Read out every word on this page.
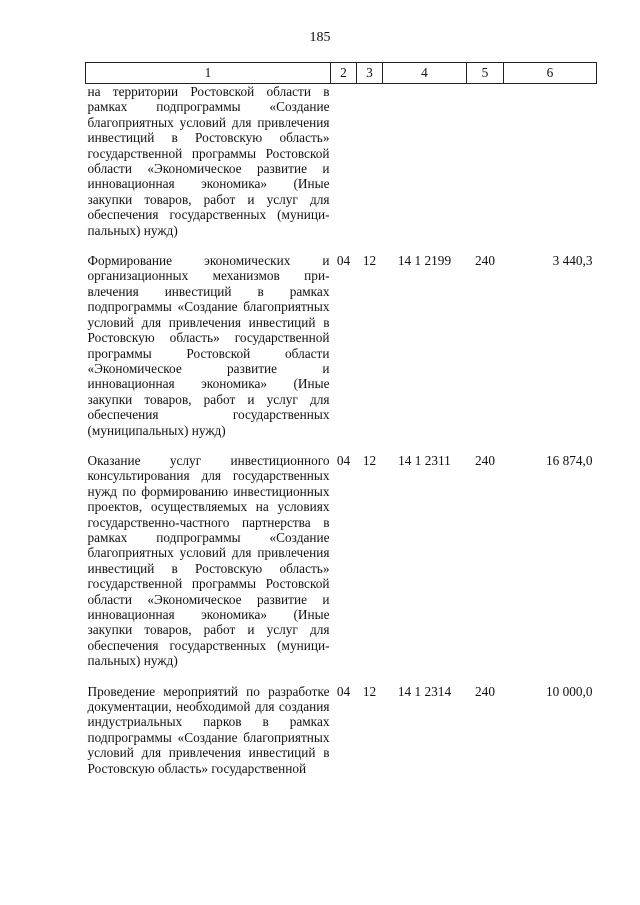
185
1	2	3	4	5	6
на территории Ростовской области в рамках подпрограммы «Создание благоприятных условий для привлечения инвестиций в Ростовскую область» государственной программы Ростовской области «Экономическое развитие и инновационная экономика» (Иные закупки товаров, работ и услуг для обеспечения государственных (муниципальных) нужд)					
Формирование экономических и организационных механизмов привлечения инвестиций в рамках подпрограммы «Создание благоприятных условий для привлечения инвестиций в Ростовскую область» государственной программы Ростовской области «Экономическое развитие и инновационная экономика» (Иные закупки товаров, работ и услуг для обеспечения государственных (муниципальных) нужд)	04	12	14 1 2199	240	3 440,3
Оказание услуг инвестиционного консультирования для государственных нужд по формированию инвестиционных проектов, осуществляемых на условиях государственно-частного партнерства в рамках подпрограммы «Создание благоприятных условий для привлечения инвестиций в Ростовскую область» государственной программы Ростовской области «Экономическое развитие и инновационная экономика» (Иные закупки товаров, работ и услуг для обеспечения государственных (муниципальных) нужд)	04	12	14 1 2311	240	16 874,0
Проведение мероприятий по разработке документации, необходимой для создания индустриальных парков в рамках подпрограммы «Создание благоприятных условий для привлечения инвестиций в Ростовскую область» государственной	04	12	14 1 2314	240	10 000,0
